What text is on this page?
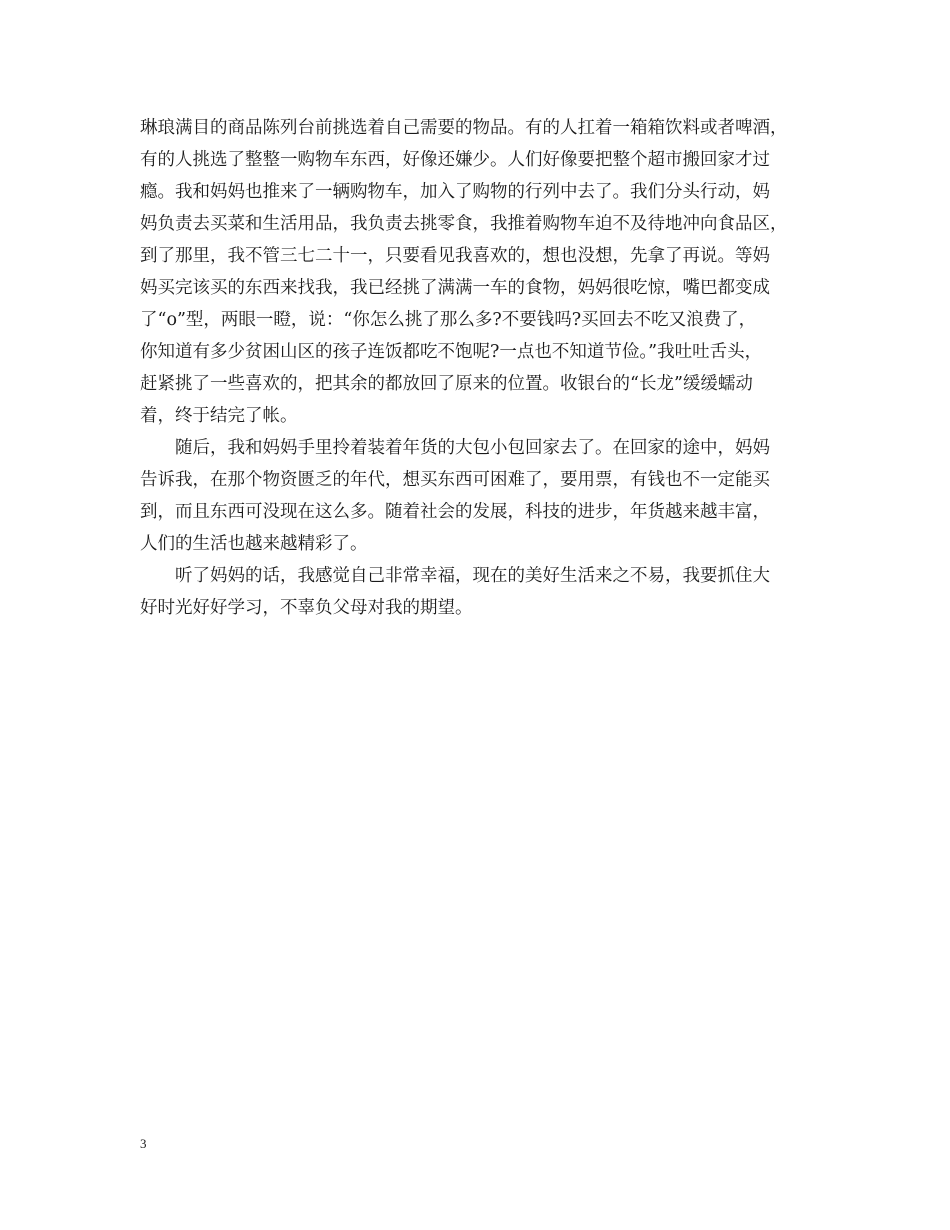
琳琅满目的商品陈列台前挑选着自己需要的物品。有的人扛着一箱箱饮料或者啤酒，
有的人挑选了整整一购物车东西，好像还嫌少。人们好像要把整个超市搬回家才过
瘾。我和妈妈也推来了一辆购物车，加入了购物的行列中去了。我们分头行动，妈
妈负责去买菜和生活用品，我负责去挑零食，我推着购物车迫不及待地冲向食品区，
到了那里，我不管三七二十一，只要看见我喜欢的，想也没想，先拿了再说。等妈
妈买完该买的东西来找我，我已经挑了满满一车的食物，妈妈很吃惊，嘴巴都变成
了“o”型，两眼一瞪，说：“你怎么挑了那么多?不要钱吗?买回去不吃又浪费了，
你知道有多少贫困山区的孩子连饭都吃不饱呢?一点也不知道节俭。”我吐吐舌头，
赶紧挑了一些喜欢的，把其余的都放回了原来的位置。收银台的“长龙”缓缓蠕动
着，终于结完了帐。
随后，我和妈妈手里拎着装着年货的大包小包回家去了。在回家的途中，妈妈
告诉我，在那个物资匮乏的年代，想买东西可困难了，要用票，有钱也不一定能买
到，而且东西可没现在这么多。随着社会的发展，科技的进步，年货越来越丰富，
人们的生活也越来越精彩了。
听了妈妈的话，我感觉自己非常幸福，现在的美好生活来之不易，我要抓住大
好时光好好学习，不辜负父母对我的期望。
3
